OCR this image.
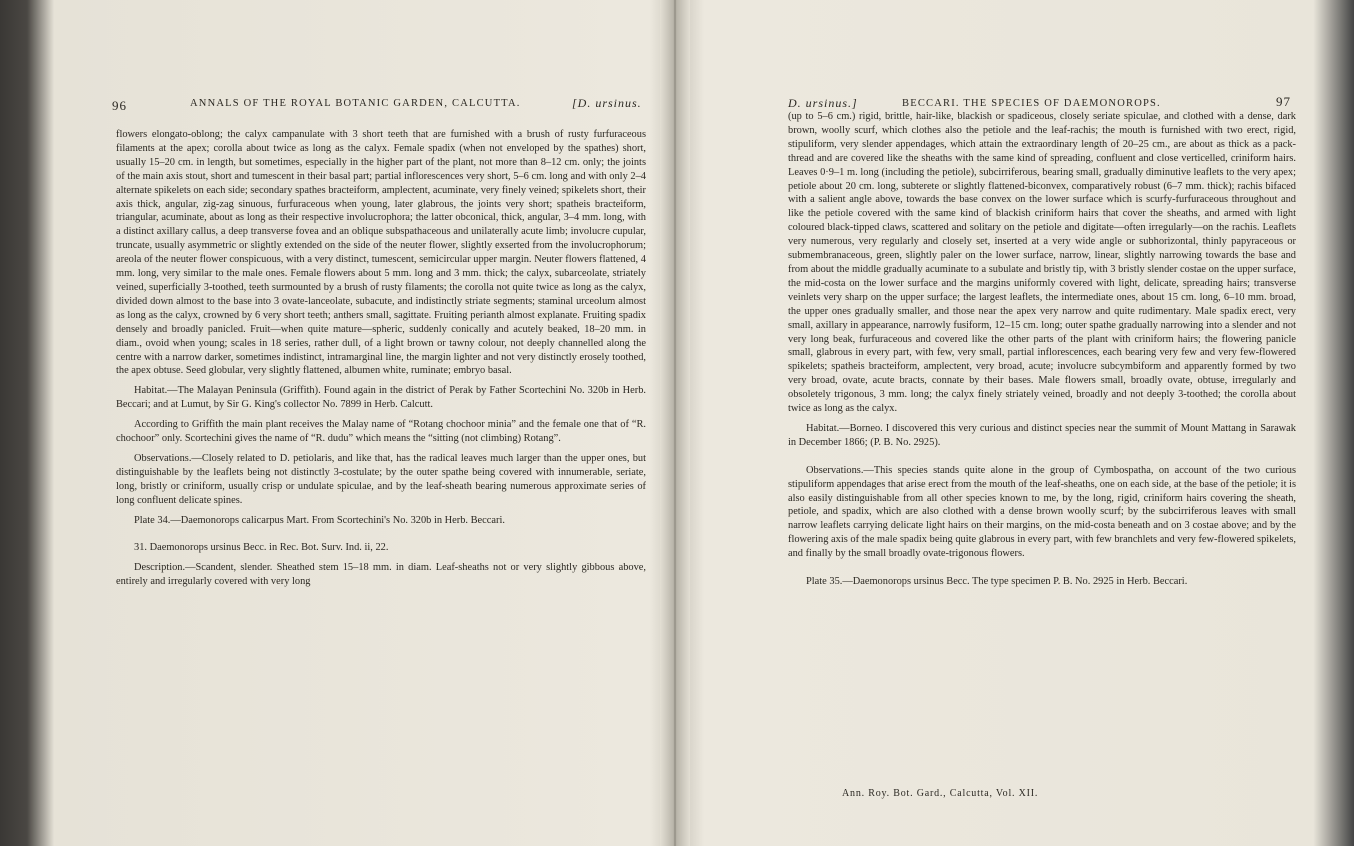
96	ANNALS OF THE ROYAL BOTANIC GARDEN, CALCUTTA.	[D. ursinus.

flowers elongato-oblong; the calyx campanulate with 3 short teeth that are furnished with a brush of rusty furfuraceous filaments at the apex; corolla about twice as long as the calyx. Female spadix (when not enveloped by the spathes) short, usually 15–20 cm. in length, but sometimes, especially in the higher part of the plant, not more than 8–12 cm. only; the joints of the main axis stout, short and tumescent in their basal part; partial inflorescences very short, 5–6 cm. long and with only 2–4 alternate spikelets on each side; secondary spathes bracteiform, amplectent, acuminate, very finely veined; spikelets short, their axis thick, angular, zig-zag sinuous, furfuraceous when young, later glabrous, the joints very short; spatheis bracteiform, triangular, acuminate, about as long as their respective involucrophora; the latter obconical, thick, angular, 3–4 mm. long, with a distinct axillary callus, a deep transverse fovea and an oblique subspathaceous and unilaterally acute limb; involucre cupular, truncate, usually asymmetric or slightly extended on the side of the neuter flower, slightly exserted from the involucrophorum; areola of the neuter flower conspicuous, with a very distinct, tumescent, semicircular upper margin. Neuter flowers flattened, 4 mm. long, very similar to the male ones. Female flowers about 5 mm. long and 3 mm. thick; the calyx, subarceolate, striately veined, superficially 3-toothed, teeth surmounted by a brush of rusty filaments; the corolla not quite twice as long as the calyx, divided down almost to the base into 3 ovate-lanceolate, subacute, and indistinctly striate segments; staminal urceolum almost as long as the calyx, crowned by 6 very short teeth; anthers small, sagittate. Fruiting perianth almost explanate. Fruiting spadix densely and broadly panicled. Fruit—when quite mature—spheric, suddenly conically and acutely beaked, 18–20 mm. in diam., ovoid when young; scales in 18 series, rather dull, of a light brown or tawny colour, not deeply channelled along the centre with a narrow darker, sometimes indistinct, intramarginal line, the margin lighter and not very distinctly erosely toothed, the apex obtuse. Seed globular, very slightly flattened, albumen white, ruminate; embryo basal.

Habitat.—The Malayan Peninsula (Griffith). Found again in the district of Perak by Father Scortechini No. 320b in Herb. Beccari; and at Lumut, by Sir G. King's collector No. 7899 in Herb. Calcutt.

According to Griffith the main plant receives the Malay name of “Rotang chochoor minia” and the female one that of “R. chochoor” only. Scortechini gives the name of “R. dudu” which means the “sitting (not climbing) Rotang”.

Observations.—Closely related to D. petiolaris, and like that, has the radical leaves much larger than the upper ones, but distinguishable by the leaflets being not distinctly 3-costulate; by the outer spathe being covered with innumerable, seriate, long, bristly or criniform, usually crisp or undulate spiculae, and by the leaf-sheath bearing numerous approximate series of long confluent delicate spines.

Plate 34.—Daemonorops calicarpus Mart. From Scortechini's No. 320b in Herb. Beccari.

31. Daemonorops ursinus Becc. in Rec. Bot. Surv. Ind. ii, 22.

Description.—Scandent, slender. Sheathed stem 15–18 mm. in diam. Leaf-sheaths not or very slightly gibbous above, entirely and irregularly covered with very long

D. ursinus.]	BECCARI. THE SPECIES OF DAEMONOROPS.	97

(up to 5–6 cm.) rigid, brittle, hair-like, blackish or spadiceous, closely seriate spiculae, and clothed with a dense, dark brown, woolly scurf, which clothes also the petiole and the leaf-rachis; the mouth is furnished with two erect, rigid, stipuliform, very slender appendages, which attain the extraordinary length of 20–25 cm., are about as thick as a pack-thread and are covered like the sheaths with the same kind of spreading, confluent and close verticelled, criniform hairs. Leaves 0·9–1 m. long (including the petiole), subcirriferous, bearing small, gradually diminutive leaflets to the very apex; petiole about 20 cm. long, subterete or slightly flattened-biconvex, comparatively robust (6–7 mm. thick); rachis bifaced with a salient angle above, towards the base convex on the lower surface which is scurfy-furfuraceous throughout and like the petiole covered with the same kind of blackish criniform hairs that cover the sheaths, and armed with light coloured black-tipped claws, scattered and solitary on the petiole and digitate—often irregularly—on the rachis. Leaflets very numerous, very regularly and closely set, inserted at a very wide angle or subhorizontal, thinly papyraceous or submembranaceous, green, slightly paler on the lower surface, narrow, linear, slightly narrowing towards the base and from about the middle gradually acuminate to a subulate and bristly tip, with 3 bristly slender costae on the upper surface, the mid-costa on the lower surface and the margins uniformly covered with light, delicate, spreading hairs; transverse veinlets very sharp on the upper surface; the largest leaflets, the intermediate ones, about 15 cm. long, 6–10 mm. broad, the upper ones gradually smaller, and those near the apex very narrow and quite rudimentary. Male spadix erect, very small, axillary in appearance, narrowly fusiform, 12–15 cm. long; outer spathe gradually narrowing into a slender and not very long beak, furfuraceous and covered like the other parts of the plant with criniform hairs; the flowering panicle small, glabrous in every part, with few, very small, partial inflorescences, each bearing very few and very few-flowered spikelets; spatheis bracteiform, amplectent, very broad, acute; involucre subcymbiform and apparently formed by two very broad, ovate, acute bracts, connate by their bases. Male flowers small, broadly ovate, obtuse, irregularly and obsoletely trigonous, 3 mm. long; the calyx finely striately veined, broadly and not deeply 3-toothed; the corolla about twice as long as the calyx.

Habitat.—Borneo. I discovered this very curious and distinct species near the summit of Mount Mattang in Sarawak in December 1866; (P. B. No. 2925).

Observations.—This species stands quite alone in the group of Cymbospatha, on account of the two curious stipuliform appendages that arise erect from the mouth of the leaf-sheaths, one on each side, at the base of the petiole; it is also easily distinguishable from all other species known to me, by the long, rigid, criniform hairs covering the sheath, petiole, and spadix, which are also clothed with a dense brown woolly scurf; by the subcirriferous leaves with small narrow leaflets carrying delicate light hairs on their margins, on the mid-costa beneath and on 3 costae above; and by the flowering axis of the male spadix being quite glabrous in every part, with few branchlets and very few-flowered spikelets, and finally by the small broadly ovate-trigonous flowers.

Plate 35.—Daemonorops ursinus Becc. The type specimen P. B. No. 2925 in Herb. Beccari.

Ann. Roy. Bot. Gard., Calcutta, Vol. XII.
